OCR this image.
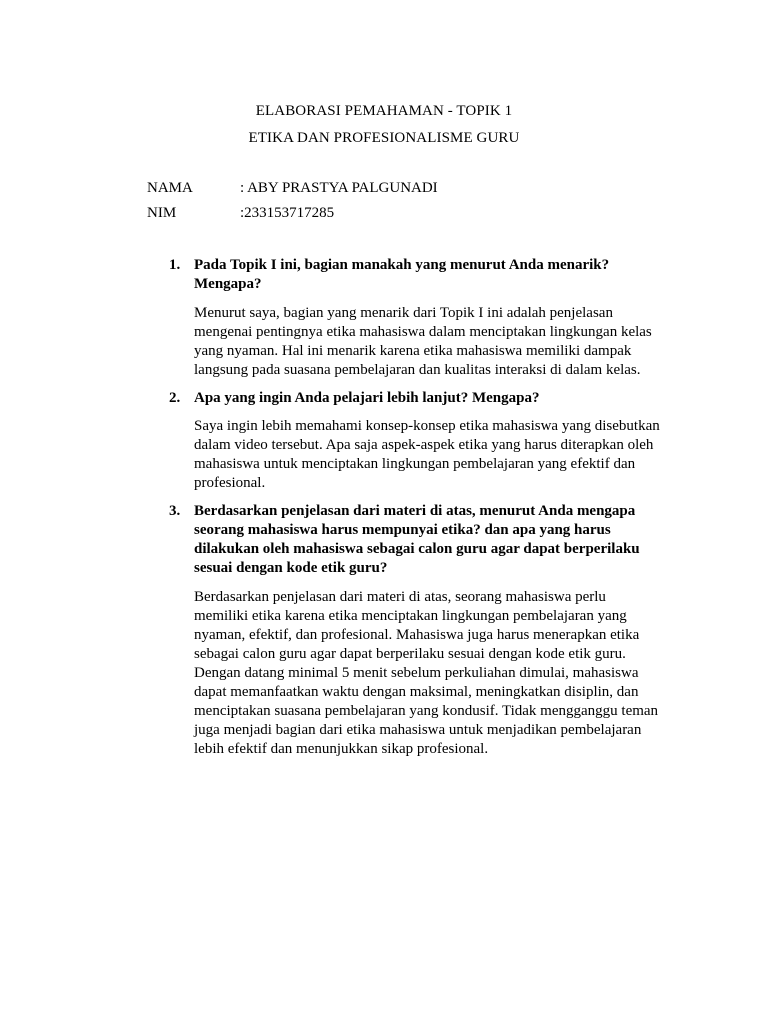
ELABORASI PEMAHAMAN - TOPIK 1
ETIKA DAN PROFESIONALISME GURU
NAMA	: ABY PRASTYA PALGUNADI
NIM	:233153717285
1. Pada Topik I ini, bagian manakah yang menurut Anda menarik? Mengapa?

Menurut saya, bagian yang menarik dari Topik I ini adalah penjelasan mengenai pentingnya etika mahasiswa dalam menciptakan lingkungan kelas yang nyaman. Hal ini menarik karena etika mahasiswa memiliki dampak langsung pada suasana pembelajaran dan kualitas interaksi di dalam kelas.

2. Apa yang ingin Anda pelajari lebih lanjut? Mengapa?

Saya ingin lebih memahami konsep-konsep etika mahasiswa yang disebutkan dalam video tersebut. Apa saja aspek-aspek etika yang harus diterapkan oleh mahasiswa untuk menciptakan lingkungan pembelajaran yang efektif dan profesional.

3. Berdasarkan penjelasan dari materi di atas, menurut Anda mengapa seorang mahasiswa harus mempunyai etika? dan apa yang harus dilakukan oleh mahasiswa sebagai calon guru agar dapat berperilaku sesuai dengan kode etik guru?

Berdasarkan penjelasan dari materi di atas, seorang mahasiswa perlu memiliki etika karena etika menciptakan lingkungan pembelajaran yang nyaman, efektif, dan profesional. Mahasiswa juga harus menerapkan etika sebagai calon guru agar dapat berperilaku sesuai dengan kode etik guru. Dengan datang minimal 5 menit sebelum perkuliahan dimulai, mahasiswa dapat memanfaatkan waktu dengan maksimal, meningkatkan disiplin, dan menciptakan suasana pembelajaran yang kondusif. Tidak mengganggu teman juga menjadi bagian dari etika mahasiswa untuk menjadikan pembelajaran lebih efektif dan menunjukkan sikap profesional.
